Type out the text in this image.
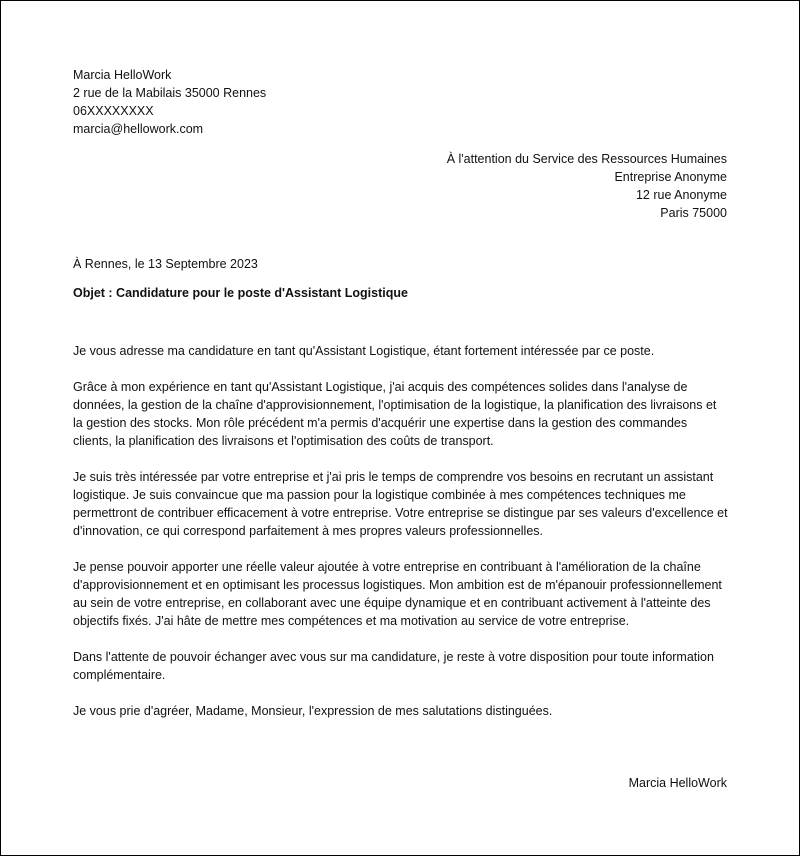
Marcia HelloWork
2 rue de la Mabilais 35000 Rennes
06XXXXXXXX
marcia@hellowork.com
À l'attention du Service des Ressources Humaines
Entreprise Anonyme
12 rue Anonyme
Paris 75000
À Rennes, le 13 Septembre 2023
Objet : Candidature pour le poste d'Assistant Logistique

Je vous adresse ma candidature en tant qu'Assistant Logistique, étant fortement intéressée par ce poste.

Grâce à mon expérience en tant qu'Assistant Logistique, j'ai acquis des compétences solides dans l'analyse de données, la gestion de la chaîne d'approvisionnement, l'optimisation de la logistique, la planification des livraisons et la gestion des stocks. Mon rôle précédent m'a permis d'acquérir une expertise dans la gestion des commandes clients, la planification des livraisons et l'optimisation des coûts de transport.

Je suis très intéressée par votre entreprise et j'ai pris le temps de comprendre vos besoins en recrutant un assistant logistique. Je suis convaincue que ma passion pour la logistique combinée à mes compétences techniques me permettront de contribuer efficacement à votre entreprise. Votre entreprise se distingue par ses valeurs d'excellence et d'innovation, ce qui correspond parfaitement à mes propres valeurs professionnelles.

Je pense pouvoir apporter une réelle valeur ajoutée à votre entreprise en contribuant à l'amélioration de la chaîne d'approvisionnement et en optimisant les processus logistiques. Mon ambition est de m'épanouir professionnellement au sein de votre entreprise, en collaborant avec une équipe dynamique et en contribuant activement à l'atteinte des objectifs fixés. J'ai hâte de mettre mes compétences et ma motivation au service de votre entreprise.

Dans l'attente de pouvoir échanger avec vous sur ma candidature, je reste à votre disposition pour toute information complémentaire.

Je vous prie d'agréer, Madame, Monsieur, l'expression de mes salutations distinguées.

Marcia HelloWork
